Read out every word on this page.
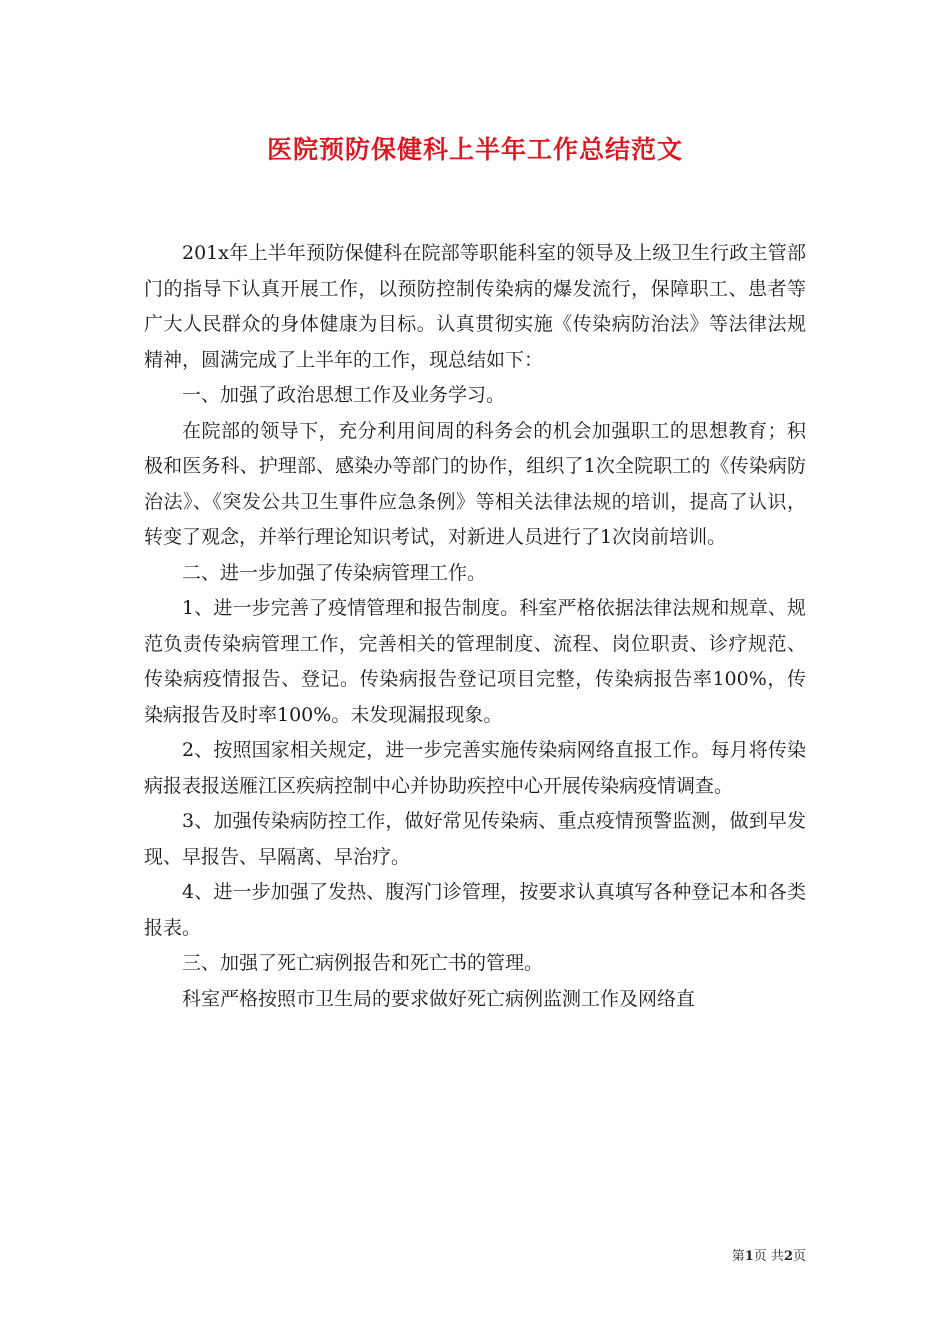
医院预防保健科上半年工作总结范文

201x年上半年预防保健科在院部等职能科室的领导及上级卫生行政主管部门的指导下认真开展工作，以预防控制传染病的爆发流行，保障职工、患者等广大人民群众的身体健康为目标。认真贯彻实施《传染病防治法》等法律法规精神，圆满完成了上半年的工作，现总结如下：

一、加强了政治思想工作及业务学习。

在院部的领导下，充分利用间周的科务会的机会加强职工的思想教育；积极和医务科、护理部、感染办等部门的协作，组织了1次全院职工的《传染病防治法》、《突发公共卫生事件应急条例》等相关法律法规的培训，提高了认识，转变了观念，并举行理论知识考试，对新进人员进行了1次岗前培训。

二、进一步加强了传染病管理工作。

1、进一步完善了疫情管理和报告制度。科室严格依据法律法规和规章、规范负责传染病管理工作，完善相关的管理制度、流程、岗位职责、诊疗规范、传染病疫情报告、登记。传染病报告登记项目完整，传染病报告率100%，传染病报告及时率100%。未发现漏报现象。

2、按照国家相关规定，进一步完善实施传染病网络直报工作。每月将传染病报表报送雁江区疾病控制中心并协助疾控中心开展传染病疫情调查。

3、加强传染病防控工作，做好常见传染病、重点疫情预警监测，做到早发现、早报告、早隔离、早治疗。

4、进一步加强了发热、腹泻门诊管理，按要求认真填写各种登记本和各类报表。

三、加强了死亡病例报告和死亡书的管理。

科室严格按照市卫生局的要求做好死亡病例监测工作及网络直

第1页 共2页
